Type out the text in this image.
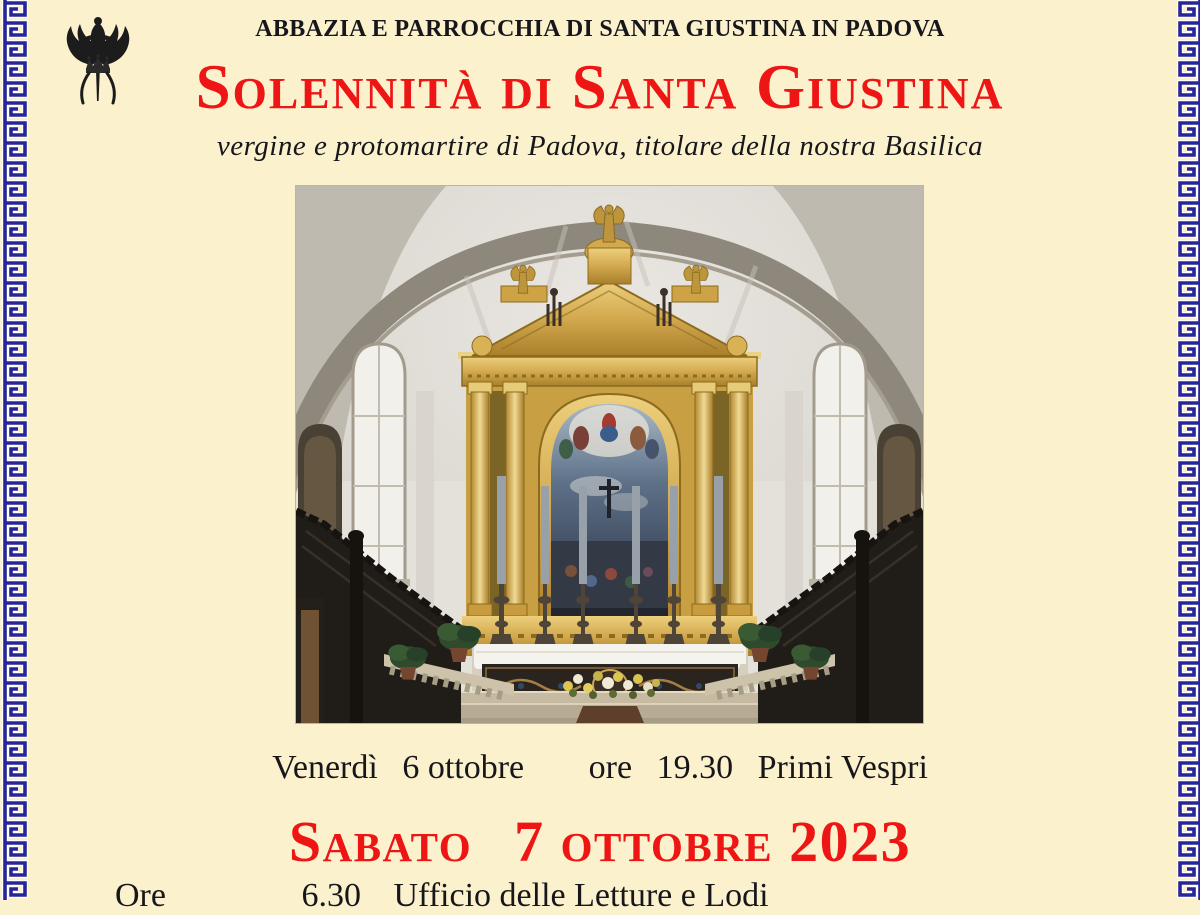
ABBAZIA E PARROCCHIA DI SANTA GIUSTINA IN PADOVA
Solennità di Santa Giustina
vergine e protomartire di Padova, titolare della nostra Basilica
Venerdì 6 ottobre ore 19.30 Primi Vespri
Sabato 7 ottobre 2023
Ore	6.30 Ufficio delle Letture e Lodi
